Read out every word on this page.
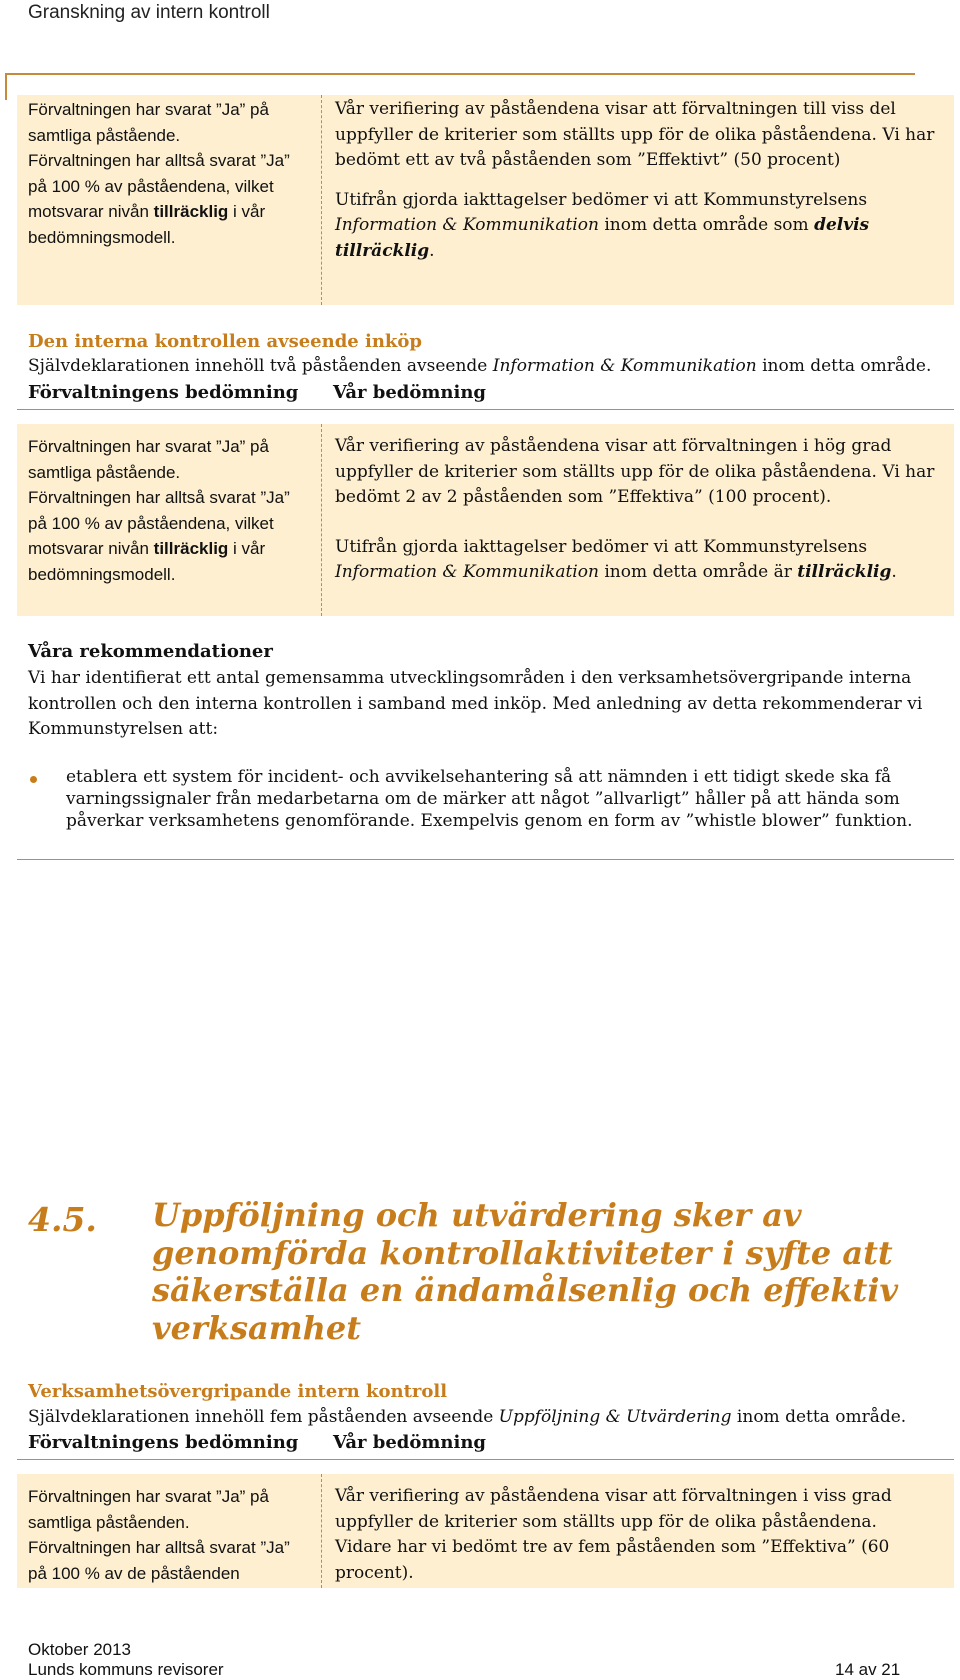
Granskning av intern kontroll

Förvaltningen har svarat ”Ja” på samtliga påstående.

Förvaltningen har alltså svarat ”Ja” på 100 % av påståendena, vilket motsvarar nivån tillräcklig i vår bedömningsmodell.

Vår verifiering av påståendena visar att förvaltningen till viss del uppfyller de kriterier som ställts upp för de olika påståendena. Vi har bedömt ett av två påståenden som ”Effektivt” (50 procent)

Utifrån gjorda iakttagelser bedömer vi att Kommunstyrelsens Information & Kommunikation inom detta område som delvis tillräcklig.

Den interna kontrollen avseende inköp
Självdeklarationen innehöll två påståenden avseende Information & Kommunikation inom detta område.
Förvaltningens bedömning Vår bedömning

Förvaltningen har svarat ”Ja” på samtliga påstående.

Förvaltningen har alltså svarat ”Ja” på 100 % av påståendena, vilket motsvarar nivån tillräcklig i vår bedömningsmodell.

Vår verifiering av påståendena visar att förvaltningen i hög grad uppfyller de kriterier som ställts upp för de olika påståendena. Vi har bedömt 2 av 2 påståenden som ”Effektiva” (100 procent).

Utifrån gjorda iakttagelser bedömer vi att Kommunstyrelsens Information & Kommunikation inom detta område är tillräcklig.

Våra rekommendationer
Vi har identifierat ett antal gemensamma utvecklingsområden i den verksamhetsövergripande interna kontrollen och den interna kontrollen i samband med inköp. Med anledning av detta rekommenderar vi Kommunstyrelsen att:
etablera ett system för incident- och avvikelsehantering så att nämnden i ett tidigt skede ska få varningssignaler från medarbetarna om de märker att något ”allvarligt” håller på att hända som påverkar verksamhetens genomförande. Exempelvis genom en form av ”whistle blower” funktion.
4.5. Uppföljning och utvärdering sker av genomförda kontrollaktiviteter i syfte att säkerställa en ändamålsenlig och effektiv verksamhet
Verksamhetsövergripande intern kontroll
Självdeklarationen innehöll fem påståenden avseende Uppföljning & Utvärdering inom detta område.
Förvaltningens bedömning Vår bedömning

Förvaltningen har svarat ”Ja” på samtliga påståenden.

Förvaltningen har alltså svarat ”Ja” på 100 % av de påståenden

Vår verifiering av påståendena visar att förvaltningen i viss grad uppfyller de kriterier som ställts upp för de olika påståendena. Vidare har vi bedömt tre av fem påståenden som ”Effektiva” (60 procent).

Oktober 2013
Lunds kommuns revisorer	14 av 21
